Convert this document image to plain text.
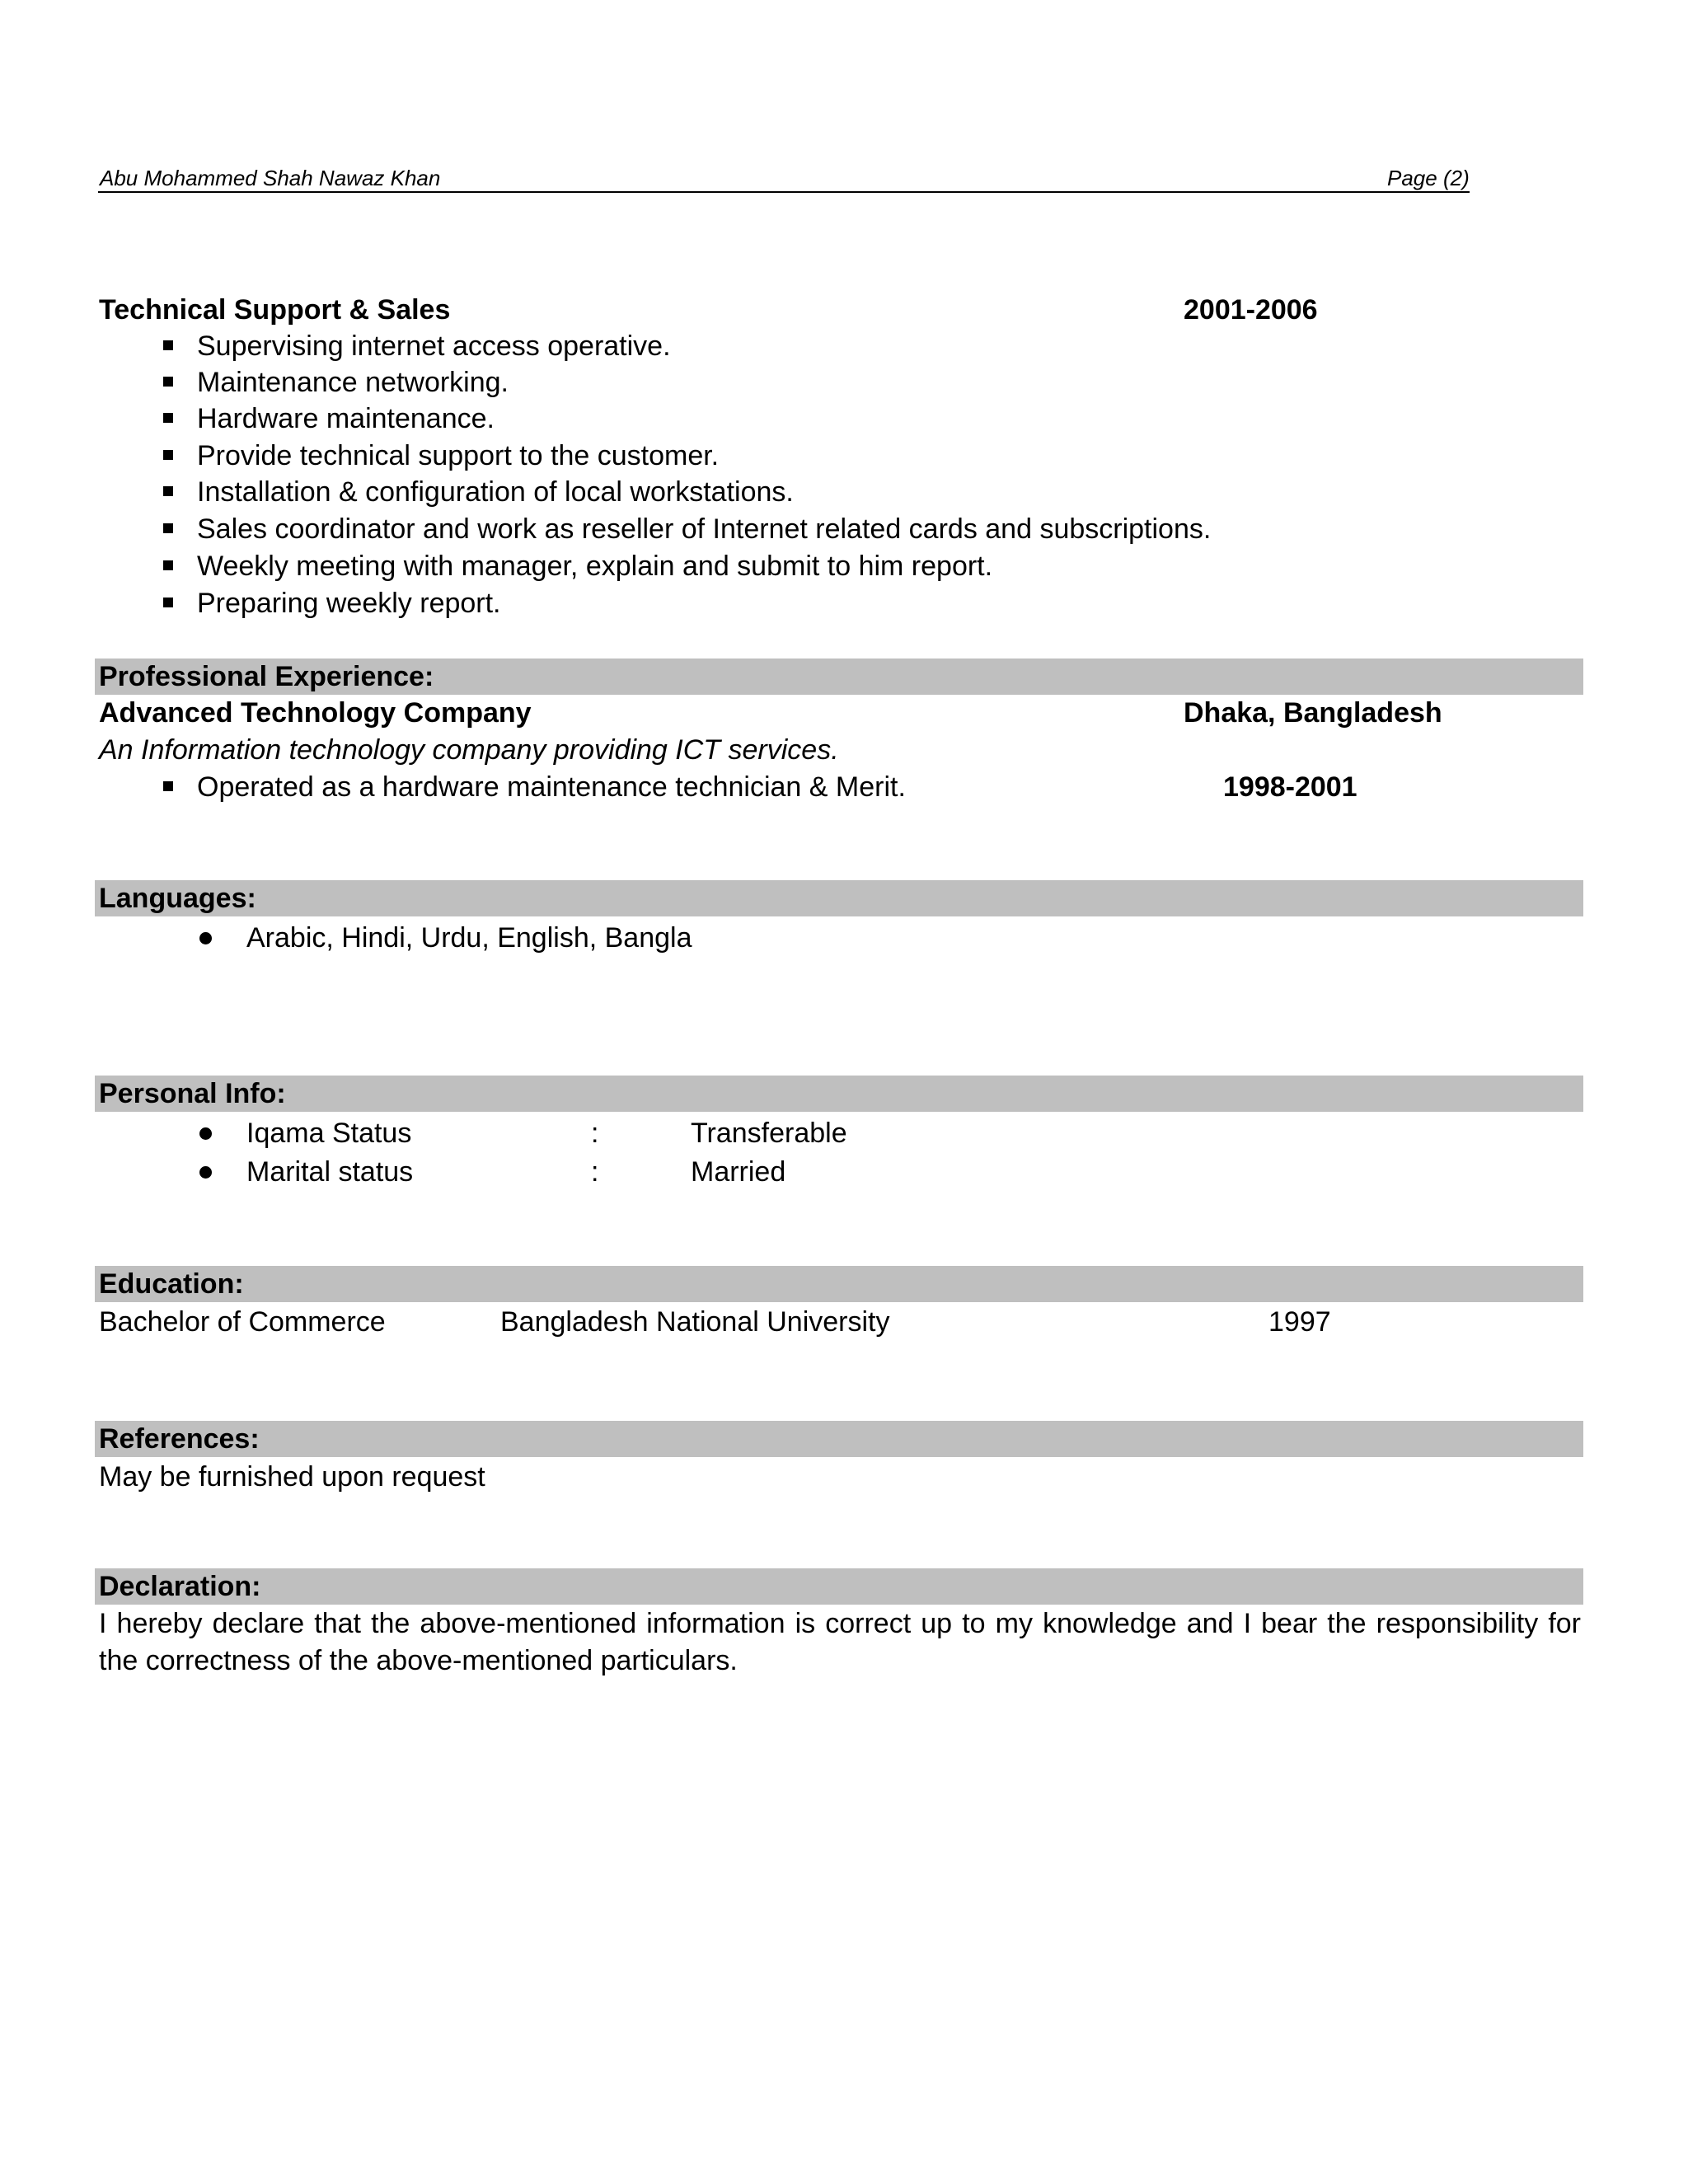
Abu Mohammed Shah Nawaz Khan	Page (2)
Technical Support & Sales	2001-2006
Supervising internet access operative.
Maintenance networking.
Hardware maintenance.
Provide technical support to the customer.
Installation & configuration of local workstations.
Sales coordinator and work as reseller of Internet related cards and subscriptions.
Weekly meeting with manager, explain and submit to him report.
Preparing weekly report.
Professional Experience:
Advanced Technology Company	Dhaka, Bangladesh
An Information technology company providing ICT services.
Operated as a hardware maintenance technician & Merit.	1998-2001
Languages:
Arabic, Hindi, Urdu, English, Bangla
Personal Info:
Iqama Status	:	Transferable
Marital status	:	Married
Education:
Bachelor of Commerce	Bangladesh National University	1997
References:
May be furnished upon request
Declaration:
I hereby declare that the above-mentioned information is correct up to my knowledge and I bear the responsibility for the correctness of the above-mentioned particulars.
